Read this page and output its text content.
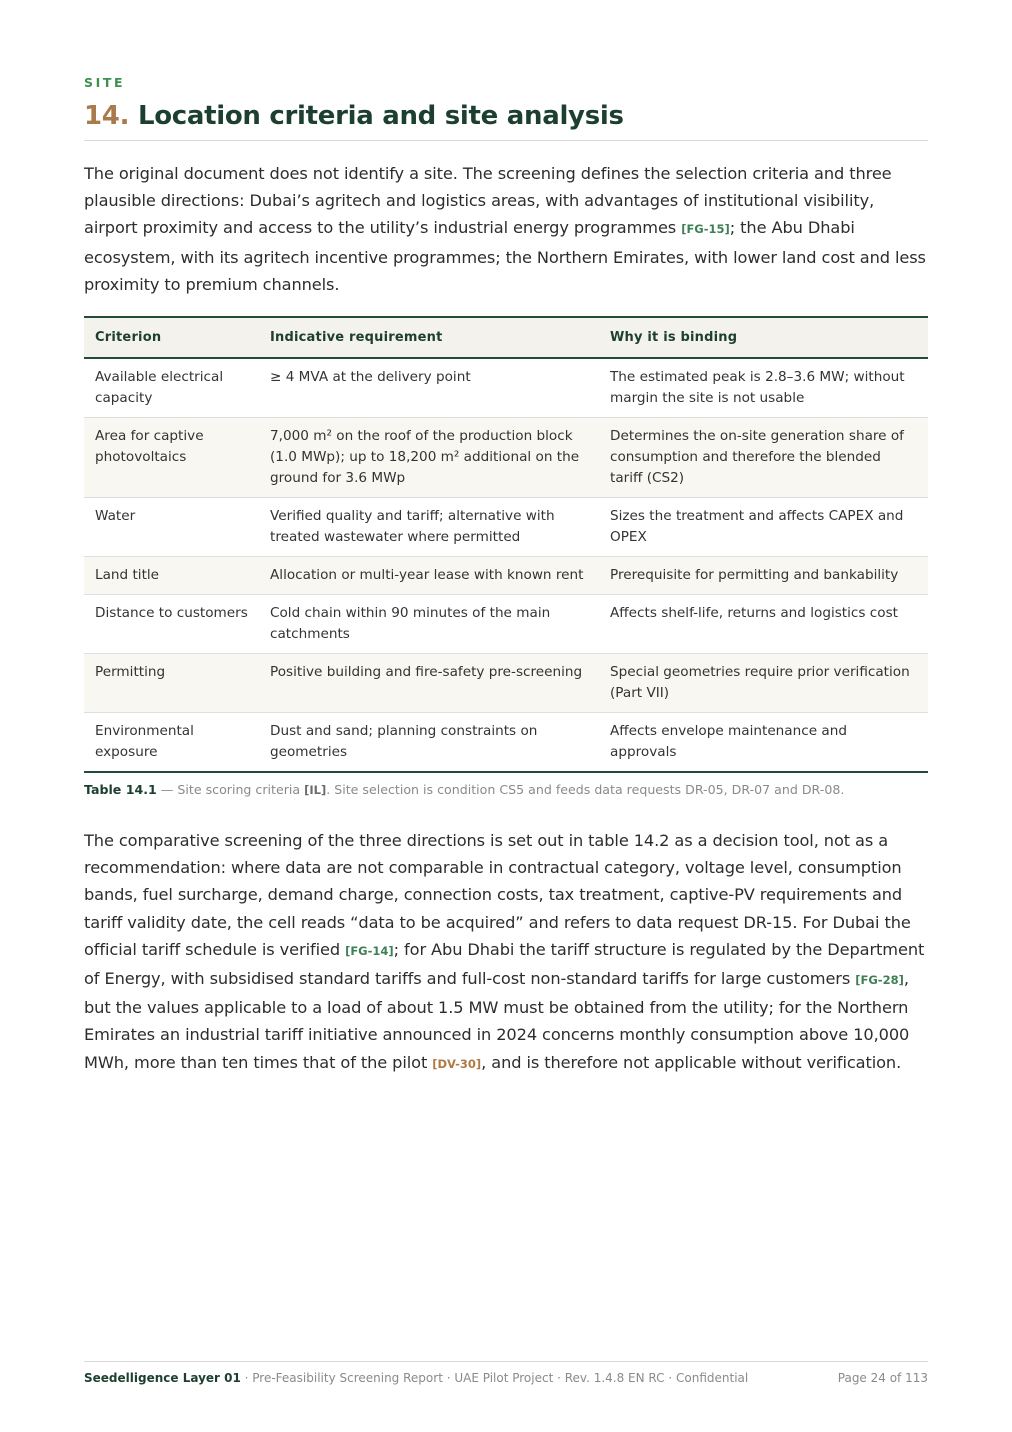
SITE
14. Location criteria and site analysis
The original document does not identify a site. The screening defines the selection criteria and three plausible directions: Dubai’s agritech and logistics areas, with advantages of institutional visibility, airport proximity and access to the utility’s industrial energy programmes [FG-15]; the Abu Dhabi ecosystem, with its agritech incentive programmes; the Northern Emirates, with lower land cost and less proximity to premium channels.
Criterion	Indicative requirement	Why it is binding
Available electrical capacity	≥ 4 MVA at the delivery point	The estimated peak is 2.8–3.6 MW; without margin the site is not usable
Area for captive photovoltaics	7,000 m² on the roof of the production block (1.0 MWp); up to 18,200 m² additional on the ground for 3.6 MWp	Determines the on-site generation share of consumption and therefore the blended tariff (CS2)
Water	Verified quality and tariff; alternative with treated wastewater where permitted	Sizes the treatment and affects CAPEX and OPEX
Land title	Allocation or multi-year lease with known rent	Prerequisite for permitting and bankability
Distance to customers	Cold chain within 90 minutes of the main catchments	Affects shelf-life, returns and logistics cost
Permitting	Positive building and fire-safety pre-screening	Special geometries require prior verification (Part VII)
Environmental exposure	Dust and sand; planning constraints on geometries	Affects envelope maintenance and approvals
Table 14.1 — Site scoring criteria [IL]. Site selection is condition CS5 and feeds data requests DR-05, DR-07 and DR-08.
The comparative screening of the three directions is set out in table 14.2 as a decision tool, not as a recommendation: where data are not comparable in contractual category, voltage level, consumption bands, fuel surcharge, demand charge, connection costs, tax treatment, captive-PV requirements and tariff validity date, the cell reads “data to be acquired” and refers to data request DR-15. For Dubai the official tariff schedule is verified [FG-14]; for Abu Dhabi the tariff structure is regulated by the Department of Energy, with subsidised standard tariffs and full-cost non-standard tariffs for large customers [FG-28], but the values applicable to a load of about 1.5 MW must be obtained from the utility; for the Northern Emirates an industrial tariff initiative announced in 2024 concerns monthly consumption above 10,000 MWh, more than ten times that of the pilot [DV-30], and is therefore not applicable without verification.
Seedelligence Layer 01 · Pre-Feasibility Screening Report · UAE Pilot Project · Rev. 1.4.8 EN RC · Confidential	Page 24 of 113
